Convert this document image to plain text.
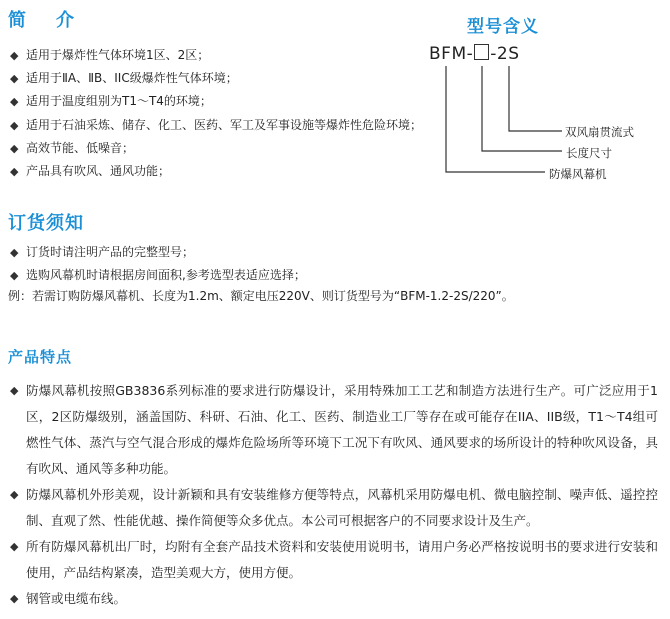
简　介
◆ 适用于爆炸性气体环境1区、2区；
◆ 适用于ⅡA、ⅡB、IIC级爆炸性气体环境；
◆ 适用于温度组别为T1～T4的环境；
◆ 适用于石油采炼、储存、化工、医药、军工及军事设施等爆炸性危险环境；
◆ 高效节能、低噪音；
◆ 产品具有吹风、通风功能；
型号含义
BFM- -2S
双风扇贯流式
长度尺寸
防爆风幕机
订货须知
◆ 订货时请注明产品的完整型号；
◆ 选购风幕机时请根据房间面积,参考选型表适应选择；
例：若需订购防爆风幕机、长度为1.2m、额定电压220V、则订货型号为“BFM-1.2-2S/220”。
产品特点
◆ 防爆风幕机按照GB3836系列标准的要求进行防爆设计，采用特殊加工工艺和制造方法进行生产。可广泛应用于1区，2区防爆级别，涵盖国防、科研、石油、化工、医药、制造业工厂等存在或可能存在IIA、IIB级，T1～T4组可燃性气体、蒸汽与空气混合形成的爆炸危险场所等环境下工况下有吹风、通风要求的场所设计的特种吹风设备，具有吹风、通风等多种功能。
◆ 防爆风幕机外形美观，设计新颖和具有安装维修方便等特点，风幕机采用防爆电机、微电脑控制、噪声低、遥控控制、直观了然、性能优越、操作简便等众多优点。本公司可根据客户的不同要求设计及生产。
◆ 所有防爆风幕机出厂时，均附有全套产品技术资料和安装使用说明书，请用户务必严格按说明书的要求进行安装和使用，产品结构紧凑，造型美观大方，使用方便。
◆ 钢管或电缆布线。
